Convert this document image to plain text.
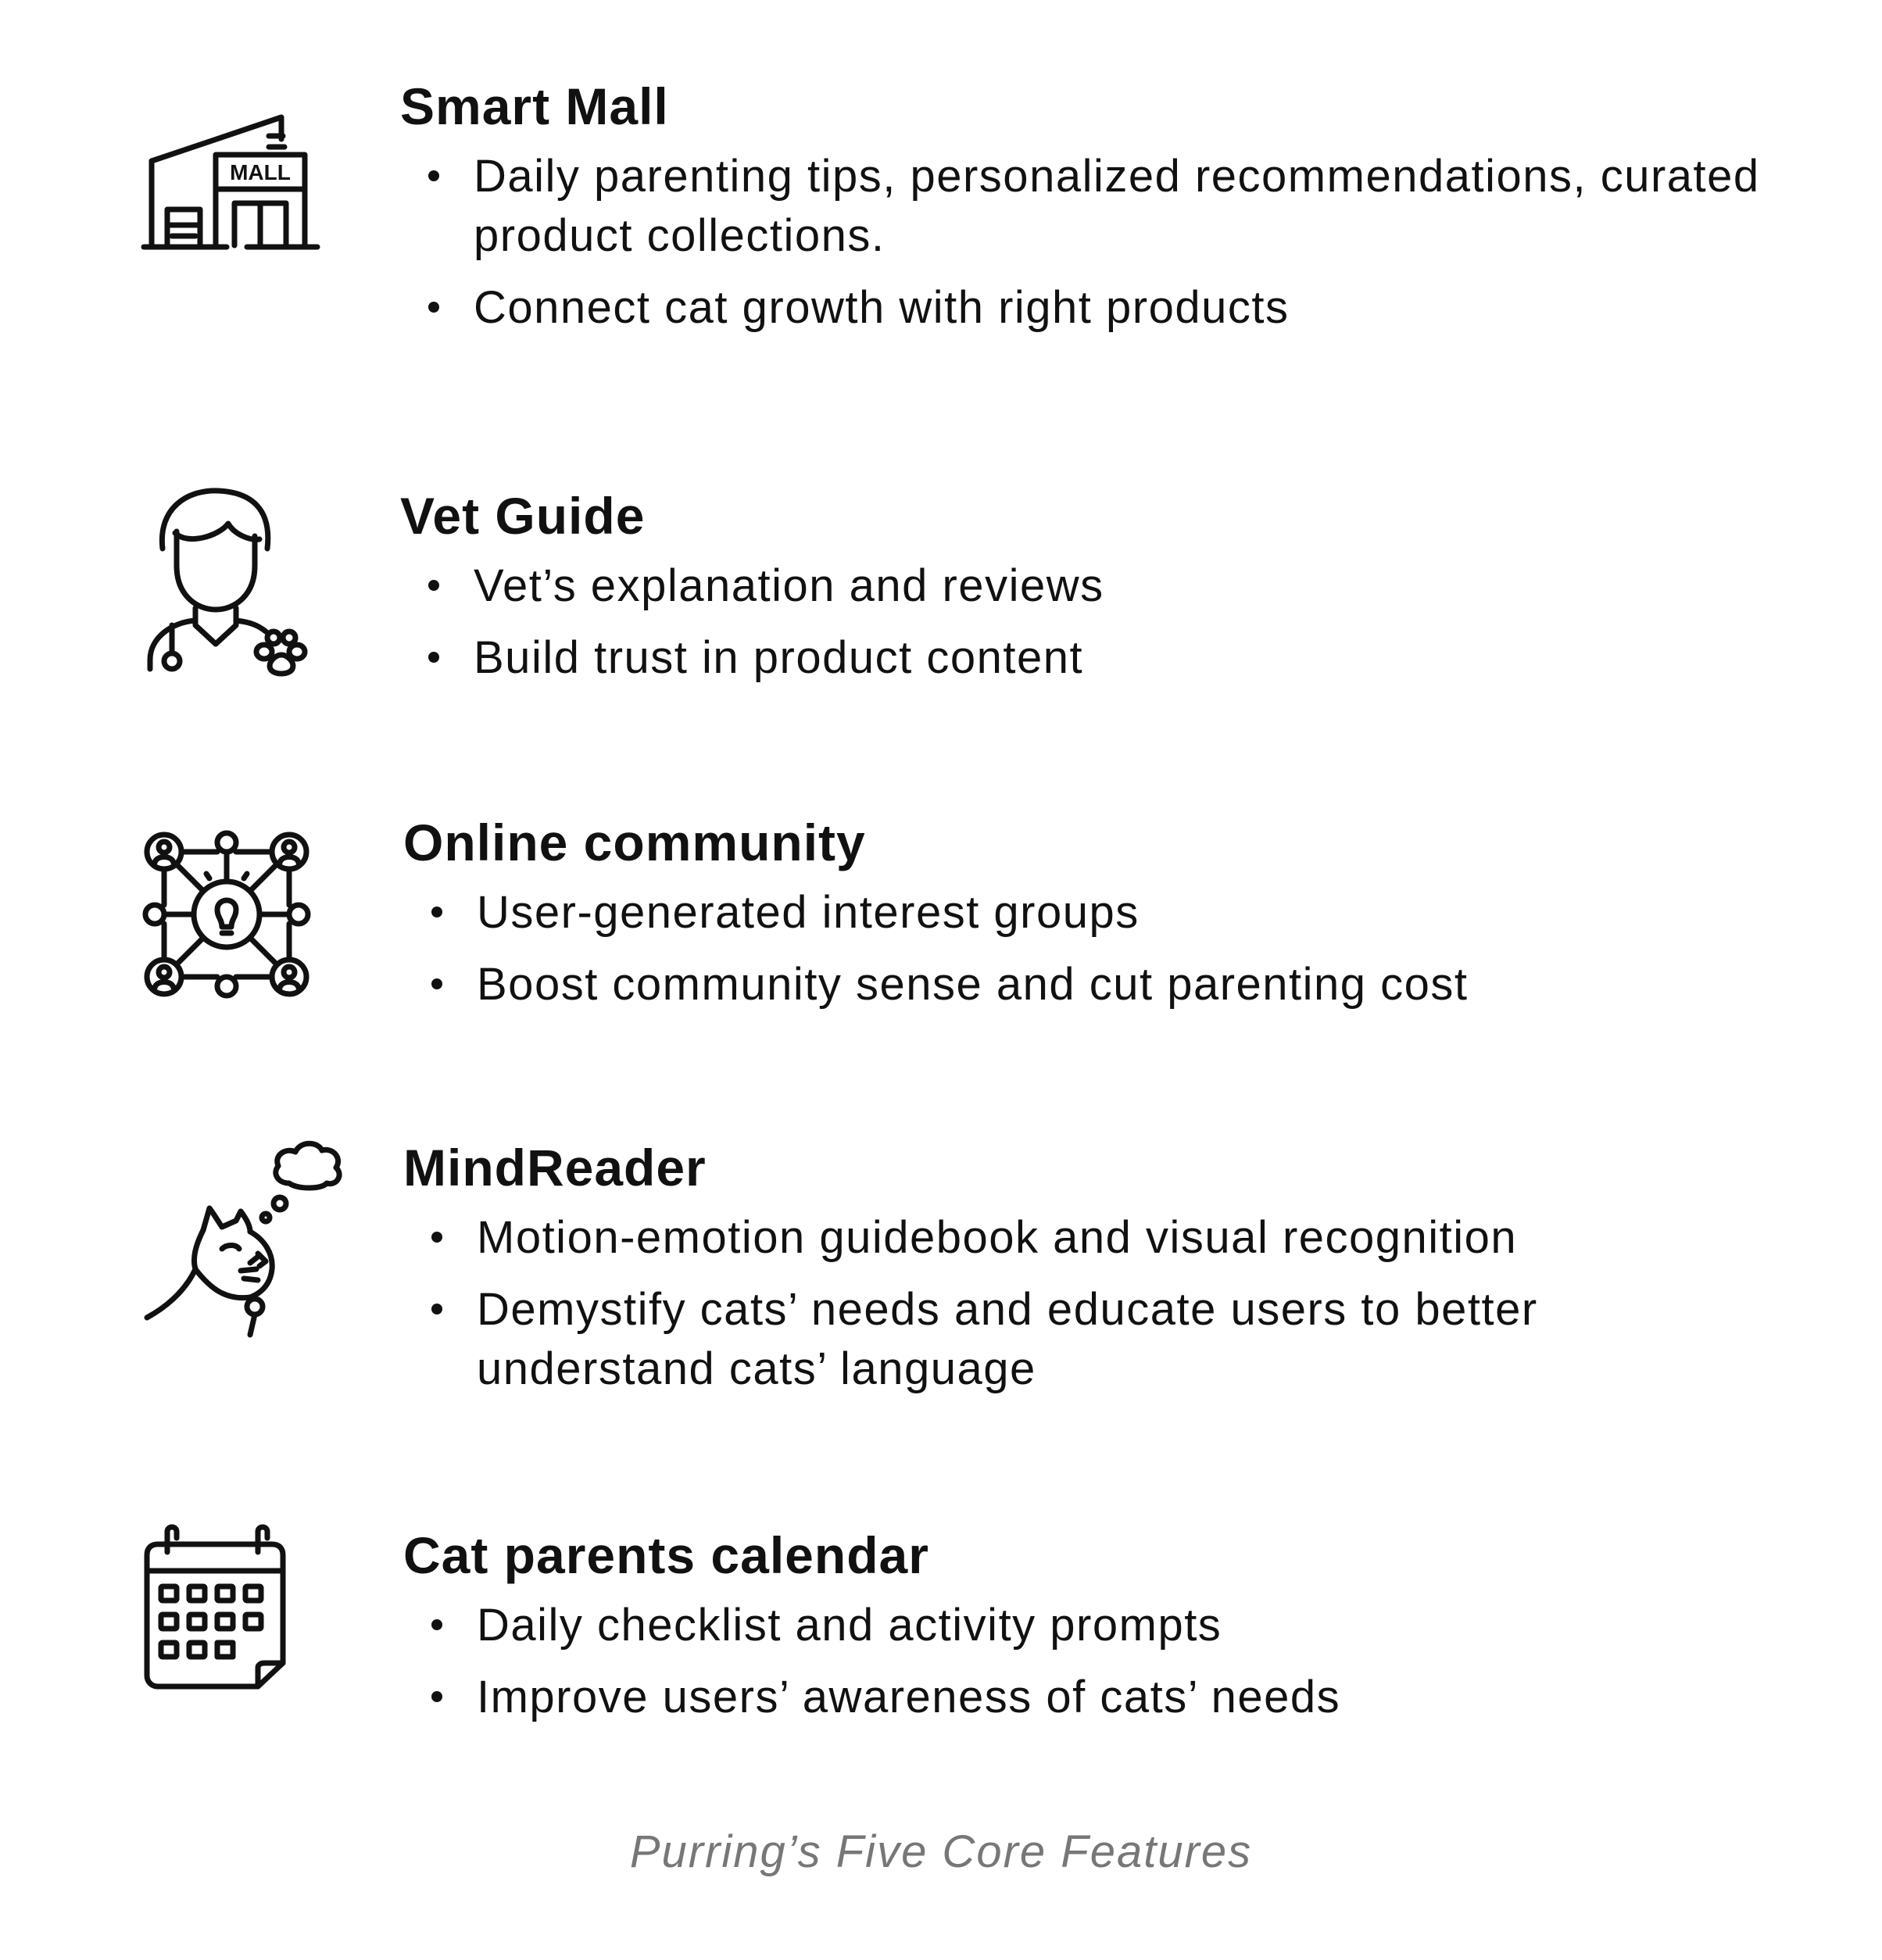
MALL
Smart Mall
Daily parenting tips, personalized recommendations, curated product collections.
Connect cat growth with right products
Vet Guide
Vet’s explanation and reviews
Build trust in product content
Online community
User-generated interest groups
Boost community sense and cut parenting cost
MindReader
Motion-emotion guidebook and visual recognition
Demystify cats’ needs and educate users to better understand cats’ language
Cat parents calendar
Daily checklist and activity prompts
Improve users’ awareness of cats’ needs
Purring’s Five Core Features
